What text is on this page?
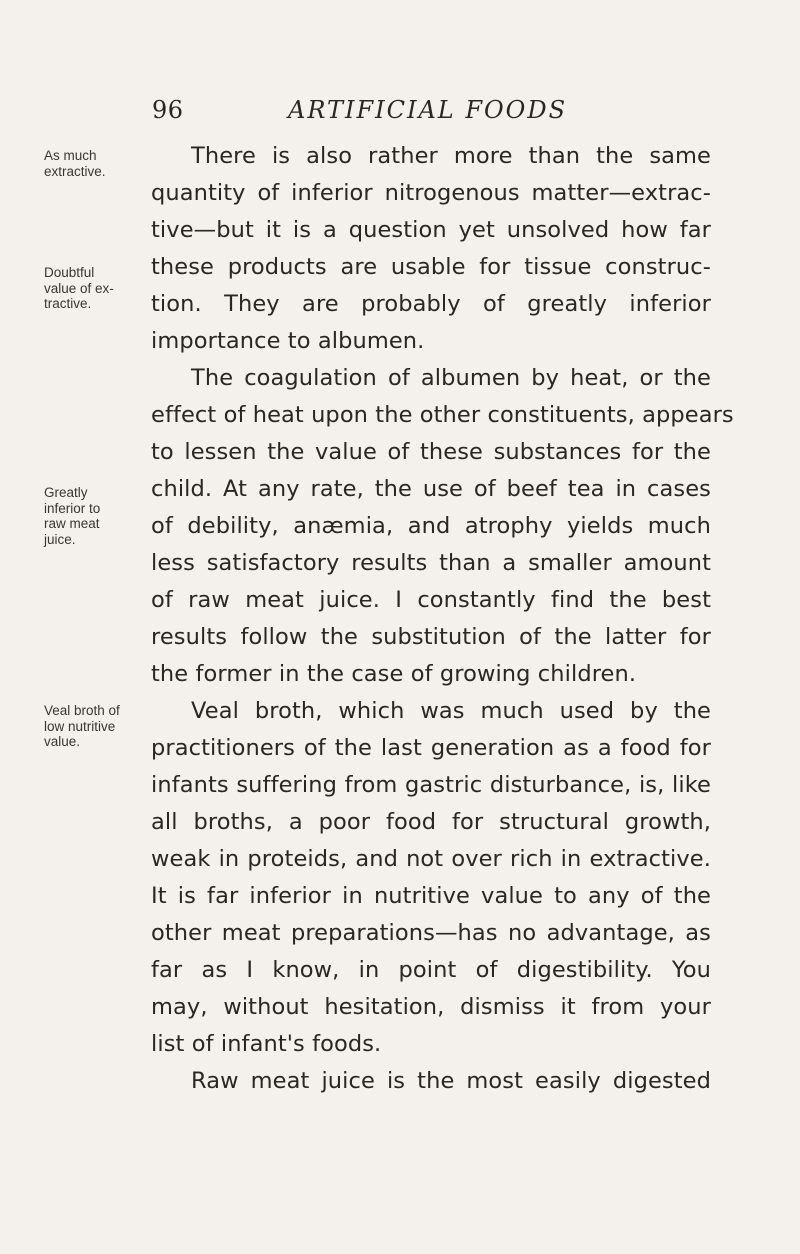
96	ARTIFICIAL FOODS
As much
extractive.
Doubtful
value of ex-
tractive.
Greatly
inferior to
raw meat
juice.
Veal broth of
low nutritive
value.
There is also rather more than the same
quantity of inferior nitrogenous matter—extrac-
tive—but it is a question yet unsolved how far
these products are usable for tissue construc-
tion. They are probably of greatly inferior
importance to albumen.
The coagulation of albumen by heat, or the
effect of heat upon the other constituents, appears
to lessen the value of these substances for the
child. At any rate, the use of beef tea in cases
of debility, anæmia, and atrophy yields much
less satisfactory results than a smaller amount
of raw meat juice. I constantly find the best
results follow the substitution of the latter for
the former in the case of growing children.
Veal broth, which was much used by the
practitioners of the last generation as a food for
infants suffering from gastric disturbance, is, like
all broths, a poor food for structural growth,
weak in proteids, and not over rich in extractive.
It is far inferior in nutritive value to any of the
other meat preparations—has no advantage, as
far as I know, in point of digestibility. You
may, without hesitation, dismiss it from your
list of infant's foods.
Raw meat juice is the most easily digested
